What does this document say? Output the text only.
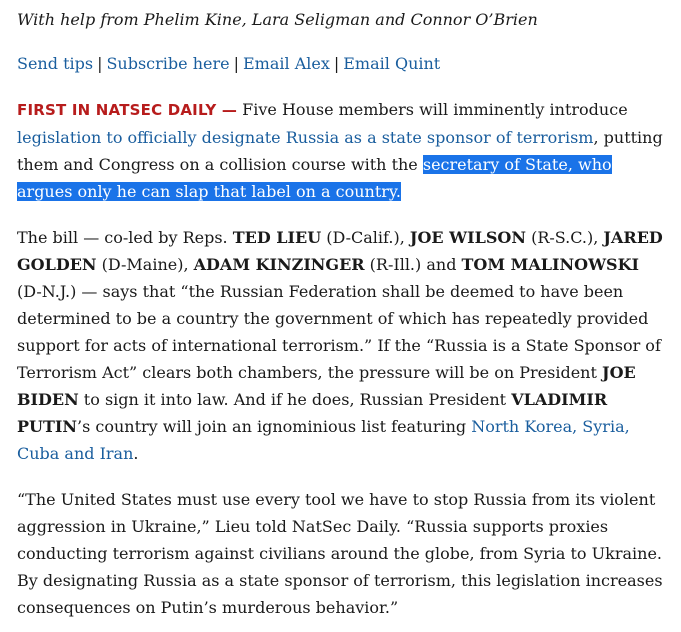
With help from Phelim Kine, Lara Seligman and Connor O’Brien
Send tips | Subscribe here | Email Alex | Email Quint

FIRST IN NATSEC DAILY — Five House members will imminently introduce legislation to officially designate Russia as a state sponsor of terrorism, putting them and Congress on a collision course with the secretary of State, who argues only he can slap that label on a country.

The bill — co-led by Reps. TED LIEU (D-Calif.), JOE WILSON (R-S.C.), JARED GOLDEN (D-Maine), ADAM KINZINGER (R-Ill.) and TOM MALINOWSKI (D-N.J.) — says that “the Russian Federation shall be deemed to have been determined to be a country the government of which has repeatedly provided support for acts of international terrorism.” If the “Russia is a State Sponsor of Terrorism Act” clears both chambers, the pressure will be on President JOE BIDEN to sign it into law. And if he does, Russian President VLADIMIR PUTIN’s country will join an ignominious list featuring North Korea, Syria, Cuba and Iran.

“The United States must use every tool we have to stop Russia from its violent aggression in Ukraine,” Lieu told NatSec Daily. “Russia supports proxies conducting terrorism against civilians around the globe, from Syria to Ukraine. By designating Russia as a state sponsor of terrorism, this legislation increases consequences on Putin’s murderous behavior.”
